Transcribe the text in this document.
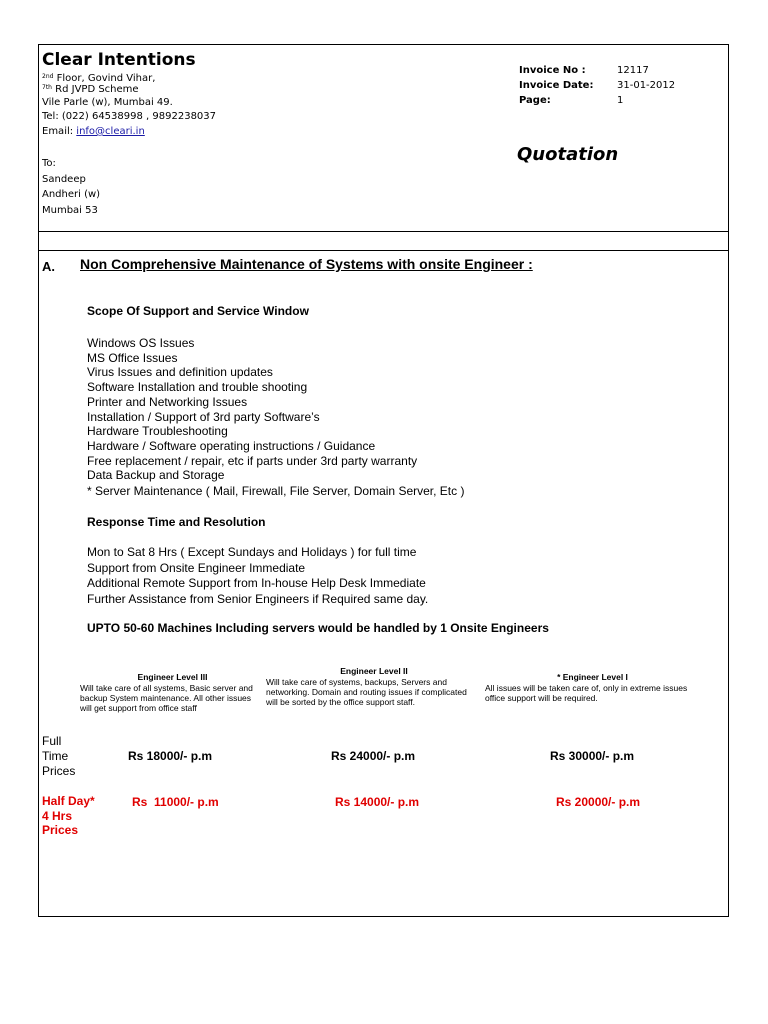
Clear Intentions
$^{2nd}$ Floor, Govind Vihar,
$^{7th}$ Rd JVPD Scheme
Vile Parle (w), Mumbai 49.
Tel: (022) 64538998 , 9892238037
Email: info@cleari.in
To:
Sandeep
Andheri (w)
Mumbai 53
Invoice No :	12117
Invoice Date: 31-01-2012
Page:	1
Quotation
A. Non Comprehensive Maintenance of Systems with onsite Engineer :
Scope Of Support and Service Window
Windows OS Issues
MS Office Issues
Virus Issues and definition updates
Software Installation and trouble shooting
Printer and Networking Issues
Installation / Support of 3rd party Software’s
Hardware Troubleshooting
Hardware / Software operating instructions / Guidance
Free replacement / repair, etc if parts under 3rd party warranty
Data Backup and Storage
* Server Maintenance ( Mail, Firewall, File Server, Domain Server, Etc )
Response Time and Resolution
Mon to Sat 8 Hrs ( Except Sundays and Holidays ) for full time
Support from Onsite Engineer Immediate
Additional Remote Support from In-house Help Desk Immediate
Further Assistance from Senior Engineers if Required same day.
UPTO 50-60 Machines Including servers would be handled by 1 Onsite Engineers
Engineer Level III
Will take care of all systems, Basic server and backup System maintenance. All other issues will get support from office staff
Engineer Level II
Will take care of systems, backups, Servers and networking. Domain and routing issues if complicated will be sorted by the office support staff.
* Engineer Level I
All issues will be taken care of, only in extreme issues office support will be required.
Full
Time
Prices
Rs 18000/- p.m	Rs 24000/- p.m	Rs 30000/- p.m
Half Day*
4 Hrs
Prices
Rs  11000/- p.m	Rs 14000/- p.m	Rs 20000/- p.m
